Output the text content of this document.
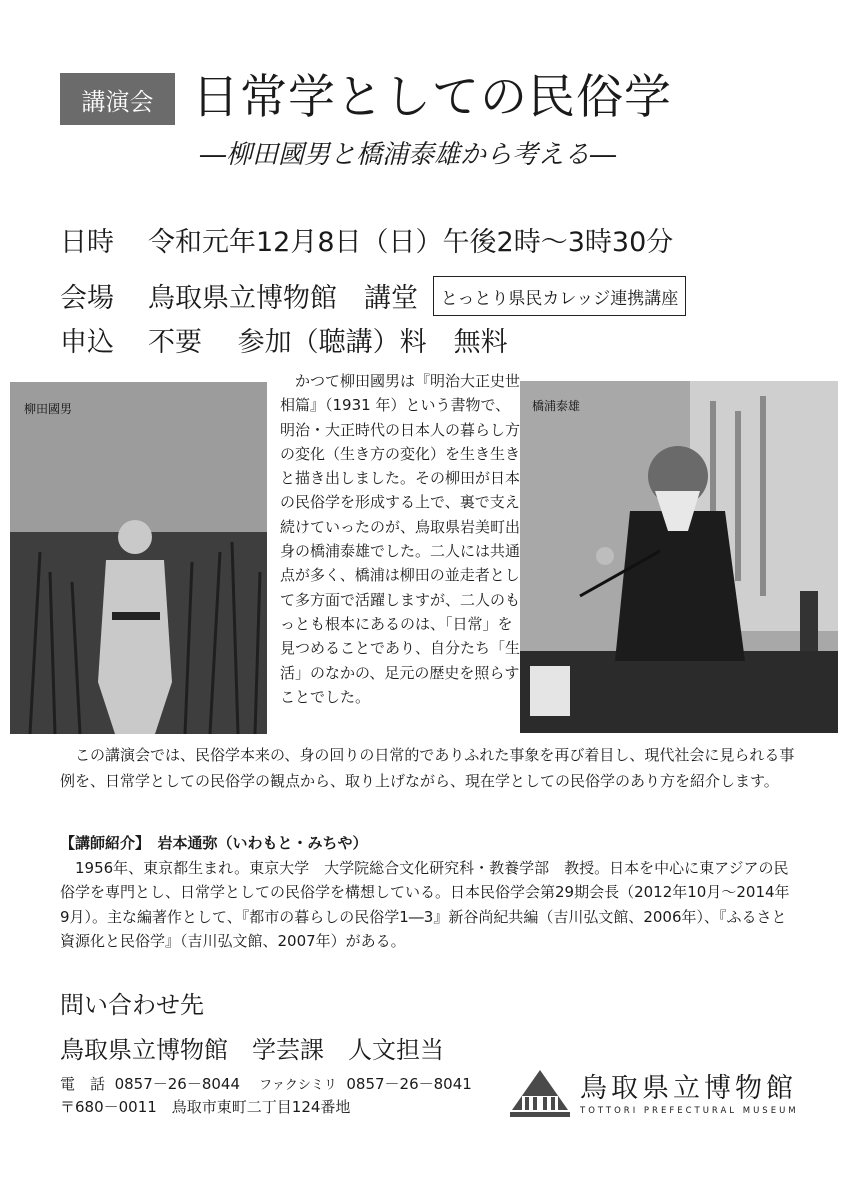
講演会 日常学としての民俗学
―柳田國男と橋浦泰雄から考える―
日時 令和元年12月8日（日）午後2時～3時30分
会場 鳥取県立博物館　講堂	とっとり県民カレッジ連携講座
申込 不要　 参加（聴講）料　無料
柳田國男

かつて柳田國男は『明治大正史世相篇』（1931 年）という書物で、明治・大正時代の日本人の暮らし方の変化（生き方の変化）を生き生きと描き出しました。その柳田が日本の民俗学を形成する上で、裏で支え続けていったのが、鳥取県岩美町出身の橋浦泰雄でした。二人には共通点が多く、橋浦は柳田の並走者として多方面で活躍しますが、二人のもっとも根本にあるのは、「日常」を見つめることであり、自分たち「生活」のなかの、足元の歴史を照らすことでした。

橋浦泰雄

この講演会では、民俗学本来の、身の回りの日常的でありふれた事象を再び着目し、現代社会に見られる事例を、日常学としての民俗学の観点から、取り上げながら、現在学としての民俗学のあり方を紹介します。

【講師紹介】　岩本通弥（いわもと・みちや）

1956年、東京都生まれ。東京大学　大学院総合文化研究科・教養学部　教授。日本を中心に東アジアの民俗学を専門とし、日常学としての民俗学を構想している。日本民俗学会第29期会長（2012年10月～2014年9月）。主な編著作として、『都市の暮らしの民俗学1―3』新谷尚紀共編（吉川弘文館、2006年）、『ふるさと資源化と民俗学』（吉川弘文館、2007年）がある。

問い合わせ先
鳥取県立博物館　学芸課　人文担当
電　話 0857－26－8044 ファクシミリ 0857－26－8041
〒680－0011　鳥取市東町二丁目124番地
鳥取県立博物館
TOTTORI PREFECTURAL MUSEUM
